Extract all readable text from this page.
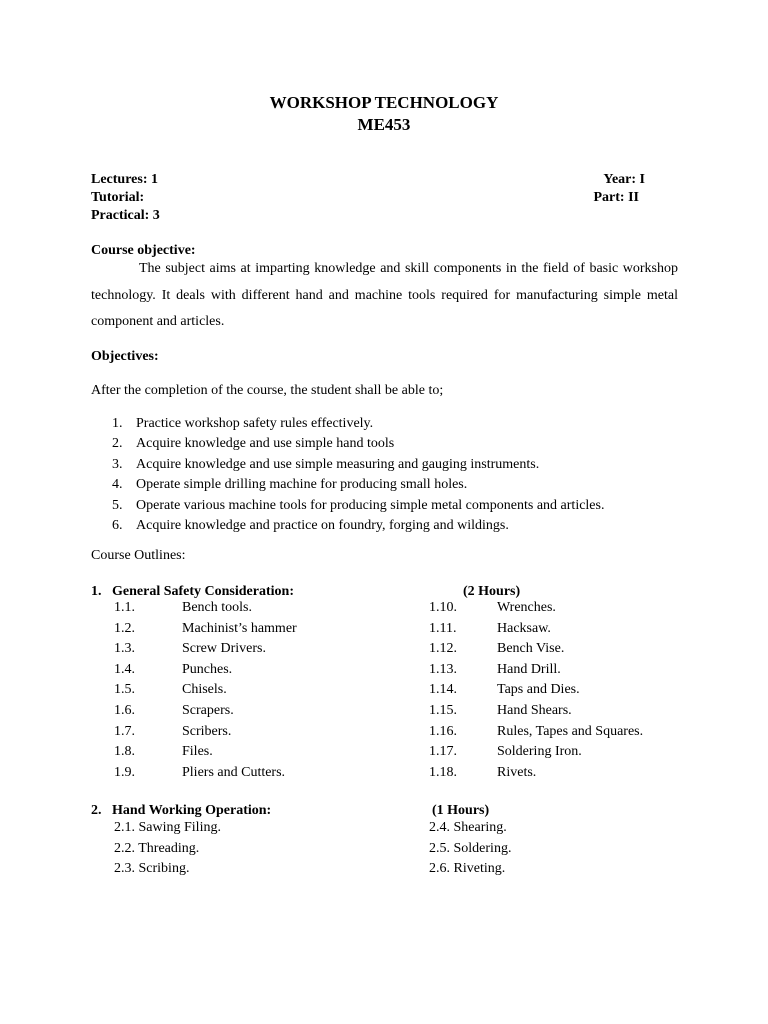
WORKSHOP TECHNOLOGY
ME453
Lectures: 1
Tutorial:
Practical: 3
Year: I
Part: II
Course objective:
The subject aims at imparting knowledge and skill components in the field of basic workshop technology. It deals with different hand and machine tools required for manufacturing simple metal component and articles.
Objectives:
After the completion of the course, the student shall be able to;
1. Practice workshop safety rules effectively.
2. Acquire knowledge and use simple hand tools
3. Acquire knowledge and use simple measuring and gauging instruments.
4. Operate simple drilling machine for producing small holes.
5. Operate various machine tools for producing simple metal components and articles.
6. Acquire knowledge and practice on foundry, forging and wildings.
Course Outlines:
1.   General Safety Consideration:	(2 Hours)
1.1.	Bench tools.
1.2.	Machinist’s hammer
1.3.	Screw Drivers.
1.4.	Punches.
1.5.	Chisels.
1.6.	Scrapers.
1.7.	Scribers.
1.8.	Files.
1.9.	Pliers and Cutters.
1.10.	Wrenches.
1.11.	Hacksaw.
1.12.	Bench Vise.
1.13.	Hand Drill.
1.14.	Taps and Dies.
1.15.	Hand Shears.
1.16.	Rules, Tapes and Squares.
1.17.	Soldering Iron.
1.18.	Rivets.
2.   Hand Working Operation:	(1 Hours)
2.1. Sawing Filing.
2.2. Threading.
2.3. Scribing.
2.4. Shearing.
2.5. Soldering.
2.6. Riveting.
